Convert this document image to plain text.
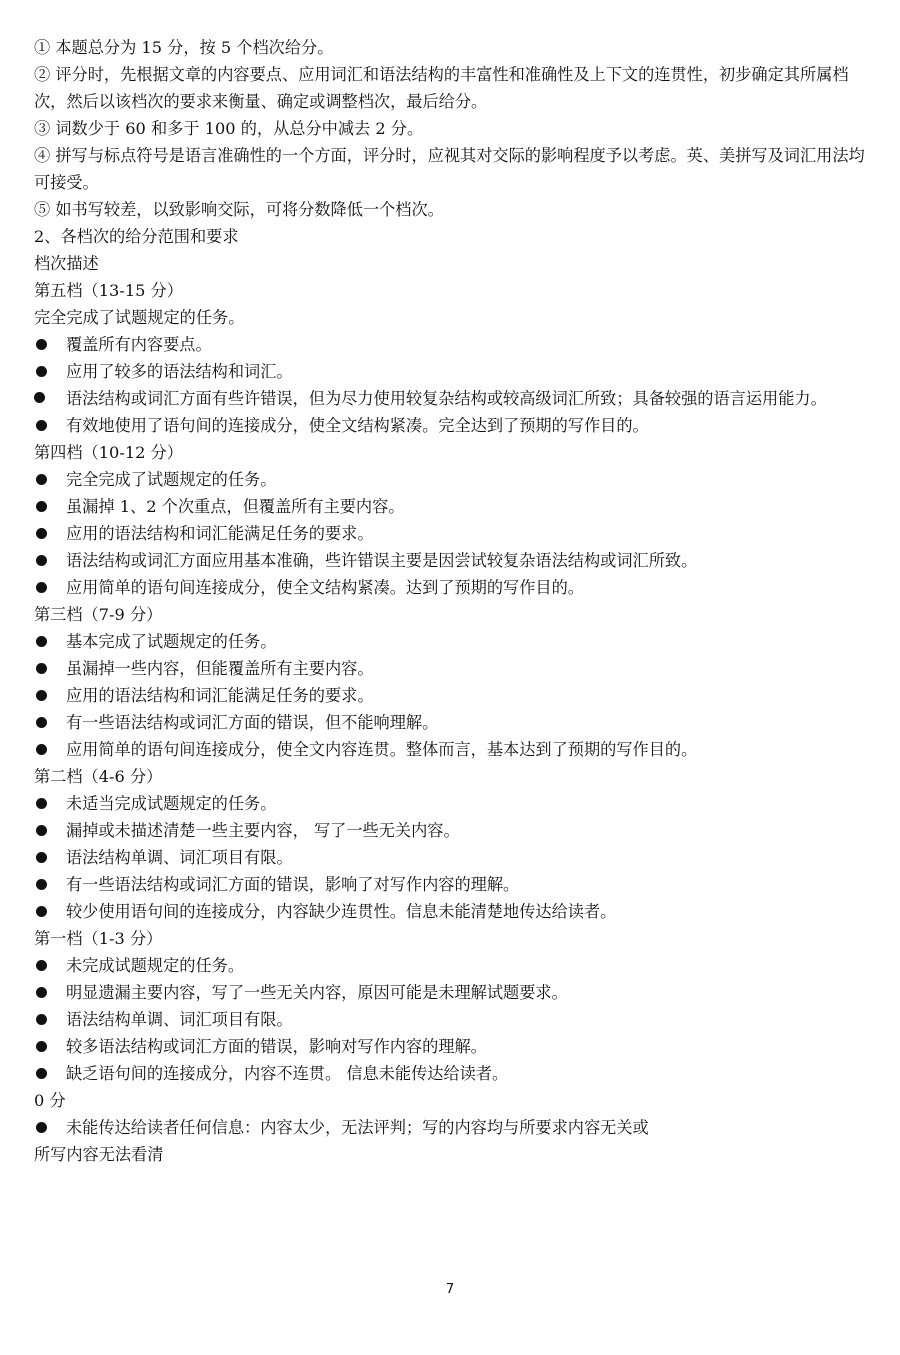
① 本题总分为 15 分，按 5 个档次给分。

② 评分时，先根据文章的内容要点、应用词汇和语法结构的丰富性和准确性及上下文的连贯性，初步确定其所属档次，然后以该档次的要求来衡量、确定或调整档次，最后给分。

③ 词数少于 60 和多于 100 的，从总分中减去 2 分。

④ 拼写与标点符号是语言准确性的一个方面，评分时，应视其对交际的影响程度予以考虑。英、美拼写及词汇用法均可接受。

⑤ 如书写较差，以致影响交际，可将分数降低一个档次。

2、各档次的给分范围和要求

档次描述

第五档（13-15 分）

完全完成了试题规定的任务。

覆盖所有内容要点。

应用了较多的语法结构和词汇。

语法结构或词汇方面有些许错误，但为尽力使用较复杂结构或较高级词汇所致；具备较强的语言运用能力。

有效地使用了语句间的连接成分，使全文结构紧凑。完全达到了预期的写作目的。

第四档（10-12 分）

完全完成了试题规定的任务。

虽漏掉 1、2 个次重点，但覆盖所有主要内容。

应用的语法结构和词汇能满足任务的要求。

语法结构或词汇方面应用基本准确，些许错误主要是因尝试较复杂语法结构或词汇所致。

应用简单的语句间连接成分，使全文结构紧凑。达到了预期的写作目的。

第三档（7-9 分）

基本完成了试题规定的任务。

虽漏掉一些内容，但能覆盖所有主要内容。

应用的语法结构和词汇能满足任务的要求。

有一些语法结构或词汇方面的错误，但不能响理解。

应用简单的语句间连接成分，使全文内容连贯。整体而言，基本达到了预期的写作目的。

第二档（4-6 分）

未适当完成试题规定的任务。

漏掉或未描述清楚一些主要内容， 写了一些无关内容。

语法结构单调、词汇项目有限。

有一些语法结构或词汇方面的错误，影响了对写作内容的理解。

较少使用语句间的连接成分，内容缺少连贯性。信息未能清楚地传达给读者。

第一档（1-3 分）

未完成试题规定的任务。

明显遗漏主要内容，写了一些无关内容，原因可能是未理解试题要求。

语法结构单调、词汇项目有限。

较多语法结构或词汇方面的错误，影响对写作内容的理解。

缺乏语句间的连接成分，内容不连贯。 信息未能传达给读者。

0 分

未能传达给读者任何信息：内容太少，无法评判；写的内容均与所要求内容无关或

所写内容无法看清

7
